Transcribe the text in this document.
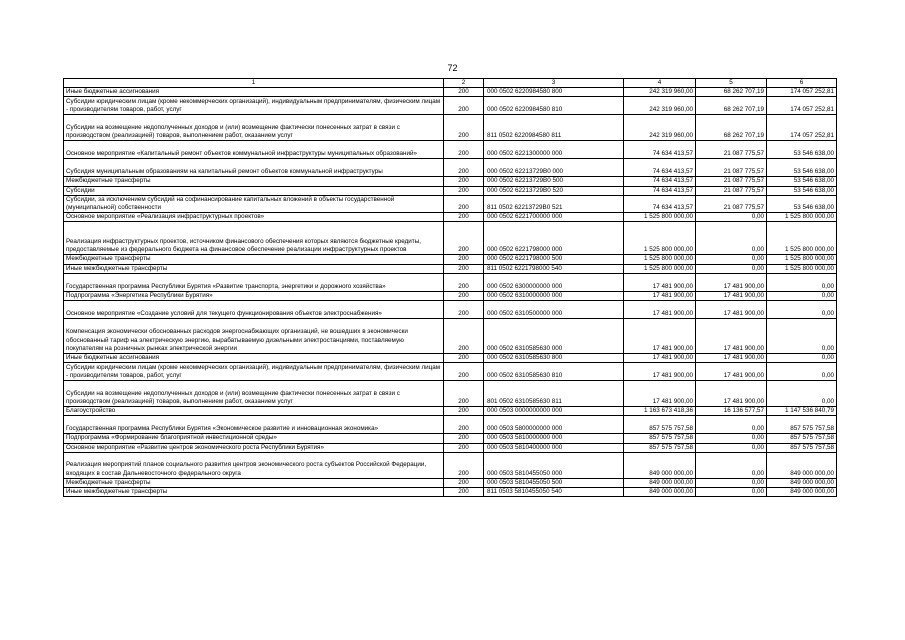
72
1	2	3	4	5	6
Иные бюджетные ассигнования	200	000 0502 6220984580 800	242 319 960,00	68 262 707,19	174 057 252,81
Субсидии юридическим лицам (кроме некоммерческих организаций), индивидуальным предпринимателям, физическим лицам - производителям товаров, работ, услуг	200	000 0502 6220984580 810	242 319 960,00	68 262 707,19	174 057 252,81
Субсидии на возмещение недополученных доходов и (или) возмещение фактически понесенных затрат в связи с производством (реализацией) товаров, выполнением работ, оказанием услуг	200	811 0502 6220984580 811	242 319 960,00	68 262 707,19	174 057 252,81
Основное мероприятие «Капитальный ремонт объектов коммунальной инфраструктуры муниципальных образований»	200	000 0502 6221300000 000	74 634 413,57	21 087 775,57	53 546 638,00
Субсидия муниципальным образованиям на капитальный ремонт объектов коммунальной инфраструктуры	200	000 0502 62213729В0 000	74 634 413,57	21 087 775,57	53 546 638,00
Межбюджетные трансферты	200	000 0502 62213729В0 500	74 634 413,57	21 087 775,57	53 546 638,00
Субсидии	200	000 0502 62213729В0 520	74 634 413,57	21 087 775,57	53 546 638,00
Субсидии, за исключением субсидий на софинансирование капитальных вложений в объекты государственной (муниципальной) собственности	200	811 0502 62213729В0 521	74 634 413,57	21 087 775,57	53 546 638,00
Основное мероприятие «Реализация инфраструктурных проектов»	200	000 0502 6221700000 000	1 525 800 000,00	0,00	1 525 800 000,00
Реализация инфраструктурных проектов, источником финансового обеспечения которых являются бюджетные кредиты, предоставляемые из федерального бюджета на финансовое обеспечение реализации инфраструктурных проектов	200	000 0502 6221798000 000	1 525 800 000,00	0,00	1 525 800 000,00
Межбюджетные трансферты	200	000 0502 6221798000 500	1 525 800 000,00	0,00	1 525 800 000,00
Иные межбюджетные трансферты	200	811 0502 6221798000 540	1 525 800 000,00	0,00	1 525 800 000,00
Государственная программа Республики Бурятия «Развитие транспорта, энергетики и дорожного хозяйства»	200	000 0502 6300000000 000	17 481 900,00	17 481 900,00	0,00
Подпрограмма «Энергетика Республики Бурятия»	200	000 0502 6310000000 000	17 481 900,00	17 481 900,00	0,00
Основное мероприятие «Создание условий для текущего функционирования объектов электроснабжения»	200	000 0502 6310500000 000	17 481 900,00	17 481 900,00	0,00
Компенсация экономически обоснованных расходов энергоснабжающих организаций, не вошедших в экономически обоснованный тариф на электрическую энергию, вырабатываемую дизельными электростанциями, поставляемую покупателям на розничных рынках электрической энергии	200	000 0502 6310585630 000	17 481 900,00	17 481 900,00	0,00
Иные бюджетные ассигнования	200	000 0502 6310585630 800	17 481 900,00	17 481 900,00	0,00
Субсидии юридическим лицам (кроме некоммерческих организаций), индивидуальным предпринимателям, физическим лицам - производителям товаров, работ, услуг	200	000 0502 6310585630 810	17 481 900,00	17 481 900,00	0,00
Субсидии на возмещение недополученных доходов и (или) возмещение фактически понесенных затрат в связи с производством (реализацией) товаров, выполнением работ, оказанием услуг	200	801 0502 6310585630 811	17 481 900,00	17 481 900,00	0,00
Благоустройство	200	000 0503 0000000000 000	1 163 673 418,36	16 136 577,57	1 147 536 840,79
Государственная программа Республики Бурятия «Экономическое развитие и инновационная экономика»	200	000 0503 5800000000 000	857 575 757,58	0,00	857 575 757,58
Подпрограмма «Формирование благоприятной инвестиционной среды»	200	000 0503 5810000000 000	857 575 757,58	0,00	857 575 757,58
Основное мероприятие «Развитие центров экономического роста Республики Бурятия»	200	000 0503 5810400000 000	857 575 757,58	0,00	857 575 757,58
Реализация мероприятий планов социального развития центров экономического роста субъектов Российской Федерации, входящих в состав Дальневосточного федерального округа	200	000 0503 5810455050 000	849 000 000,00	0,00	849 000 000,00
Межбюджетные трансферты	200	000 0503 5810455050 500	849 000 000,00	0,00	849 000 000,00
Иные межбюджетные трансферты	200	811 0503 5810455050 540	849 000 000,00	0,00	849 000 000,00
